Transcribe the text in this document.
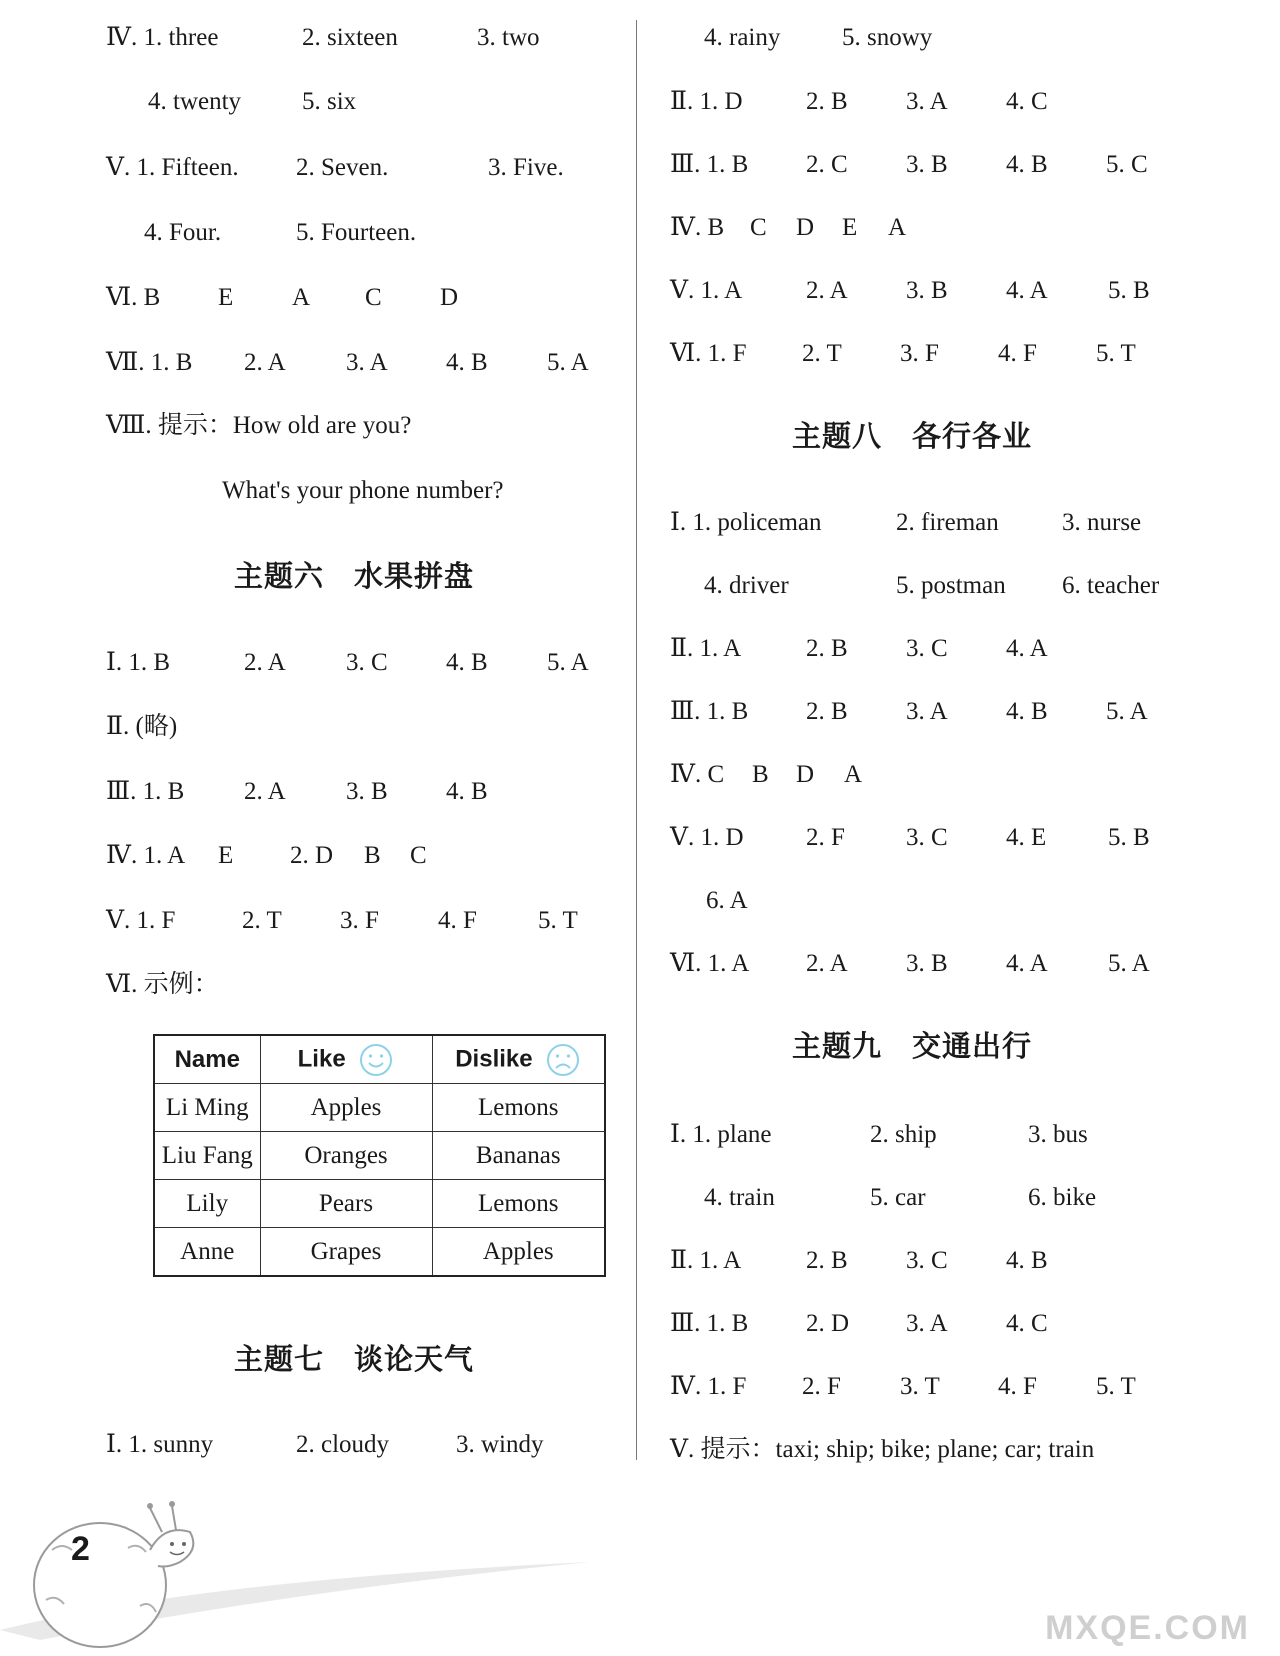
Ⅳ. 1. three	2. sixteen	3. two
4. twenty 5. six
Ⅴ. 1. Fifteen. 2. Seven.	3. Five.
4. Four.	5. Fourteen.
Ⅵ. B E A C D
Ⅶ. 1. B 2. A 3. A 4. B 5. A
Ⅷ. 提示：How old are you?
What's your phone number?
主题六　水果拼盘
Ⅰ. 1. B	2. A 3. C 4. B 5. A
Ⅱ. (略)
Ⅲ. 1. B 2. A 3. B 4. B
Ⅳ. 1. A E 2. D B C
Ⅴ. 1. F	2. T 3. F 4. F 5. T
Ⅵ. 示例：
Name	Like	Dislike
Li Ming	Apples	Lemons
Liu Fang	Oranges	Bananas
Lily	Pears	Lemons
Anne	Grapes	Apples
主题七　谈论天气
Ⅰ. 1. sunny	2. cloudy	3. windy
4. rainy 5. snowy
Ⅱ. 1. D	2. B 3. A 4. C
Ⅲ. 1. B 2. C 3. B 4. B 5. C
Ⅳ. B C D E A
Ⅴ. 1. A	2. A 3. B 4. A 5. B
Ⅵ. 1. F 2. T 3. F 4. F 5. T
主题八　各行各业
Ⅰ. 1. policeman	2. fireman	3. nurse
4. driver	5. postman 6. teacher
Ⅱ. 1. A	2. B 3. C 4. A
Ⅲ. 1. B 2. B 3. A 4. B 5. A
Ⅳ. C B D A
Ⅴ. 1. D 2. F 3. C 4. E 5. B
6. A
Ⅵ. 1. A 2. A 3. B 4. A 5. A
主题九　交通出行
Ⅰ. 1. plane	2. ship	3. bus
4. train	5. car	6. bike
Ⅱ. 1. A	2. B 3. C 4. B
Ⅲ. 1. B 2. D 3. A 4. C
Ⅳ. 1. F 2. F 3. T 4. F 5. T
Ⅴ. 提示：taxi; ship; bike; plane; car; train
2
MXQE.COM
